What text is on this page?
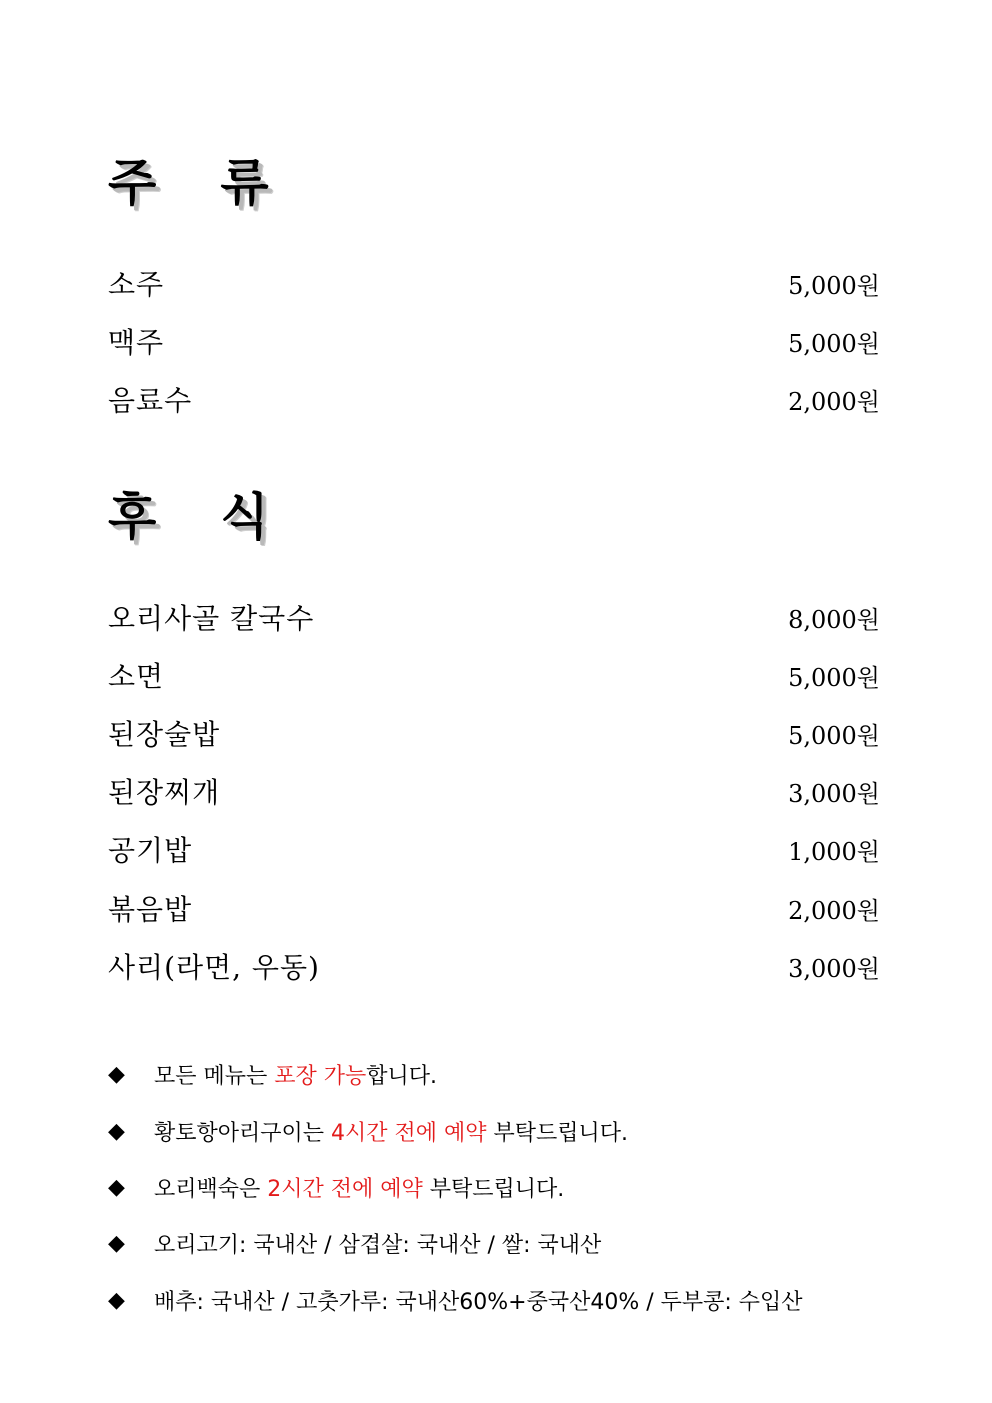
주 류
소주	5,000원
맥주	5,000원
음료수	2,000원
후 식
오리사골 칼국수	8,000원
소면	5,000원
된장술밥	5,000원
된장찌개	3,000원
공기밥	1,000원
볶음밥	2,000원
사리(라면, 우동)	3,000원
◆	모든 메뉴는 포장 가능합니다.
◆	황토항아리구이는 4시간 전에 예약 부탁드립니다.
◆	오리백숙은 2시간 전에 예약 부탁드립니다.
◆	오리고기: 국내산 / 삼겹살: 국내산 / 쌀: 국내산
◆	배추: 국내산 / 고춧가루: 국내산60%+중국산40% / 두부콩: 수입산
